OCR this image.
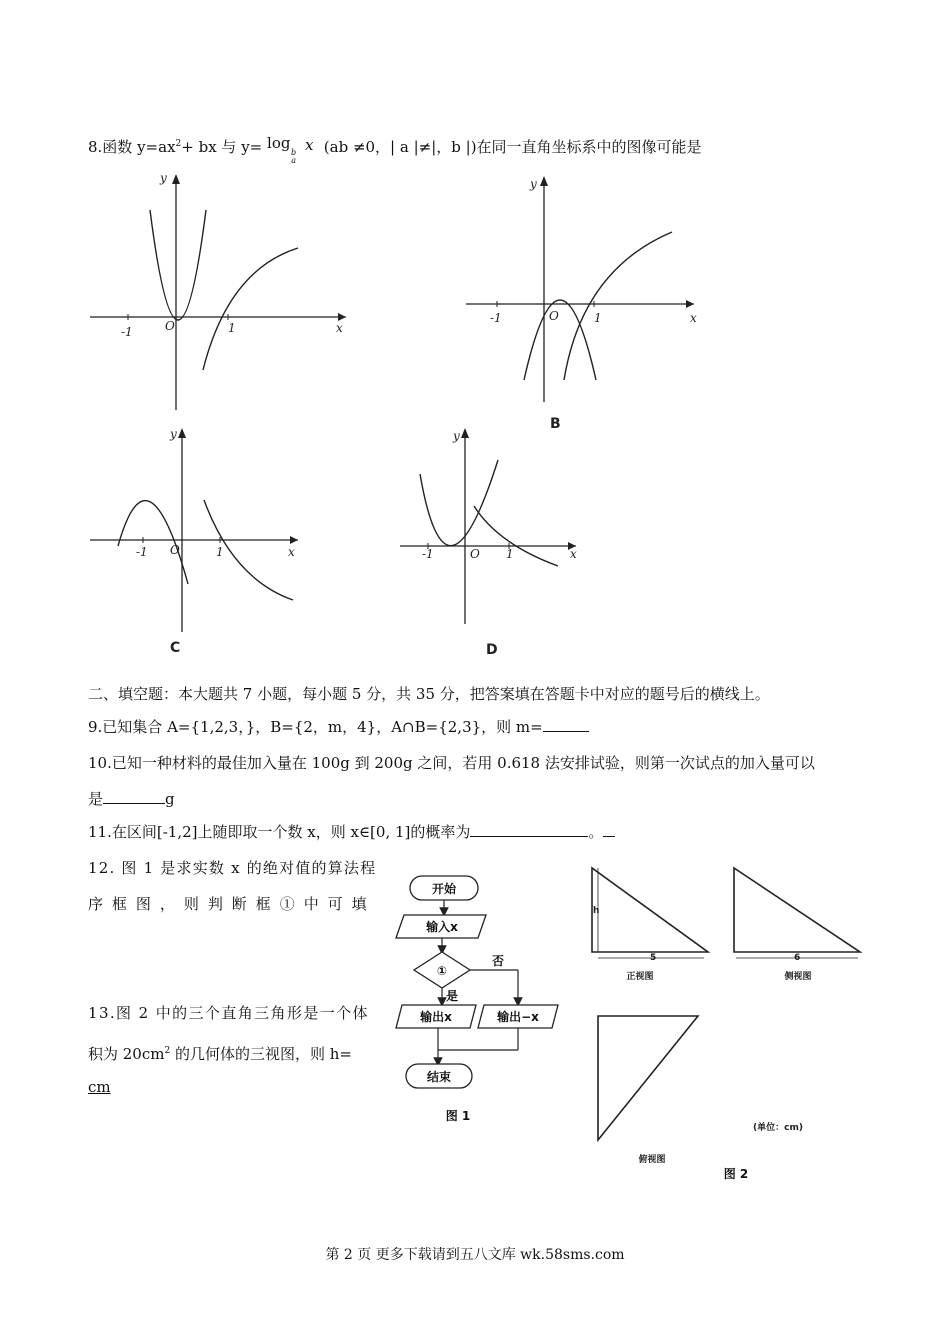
8.函数 $y=ax^2+$ bx 与 y= log x
b
a
(ab ≠0，| a |≠|，b |)在同一直角坐标系中的图像可能是
y
x
O
-1	1
y
x
O
-1	1
B
y
x
O
-1	1
C
y
x
O
-1	1
D
二、填空题：本大题共 7 小题，每小题 5 分，共 35 分，把答案填在答题卡中对应的题号后的横线上。
9.已知集合 A={1,2,3，}，B={2，m，4}，A∩B={2,3}，则 m=
10.已知一种材料的最佳加入量在 100g 到 200g 之间，若用 0.618 法安排试验，则第一次试点的加入量可以
是	g
11.在区间[-1,2]上随即取一个数 x，则 x∈[0, 1]的概率为	。
12. 图 1 是求实数 x 的绝对值的算法程
序 框 图 ， 则 判 断 框 ① 中 可 填
13.图 2 中的三个直角三角形是一个体
积为 $20cm^2$ 的几何体的三视图，则 h=
cm
开始
输入x
①
否
是
输出x	输出−x
结束
图 1
h
5
正视图
6
侧视图
俯视图
(单位：cm)
图 2
第 2 页 更多下载请到五八文库 wk.58sms.com
